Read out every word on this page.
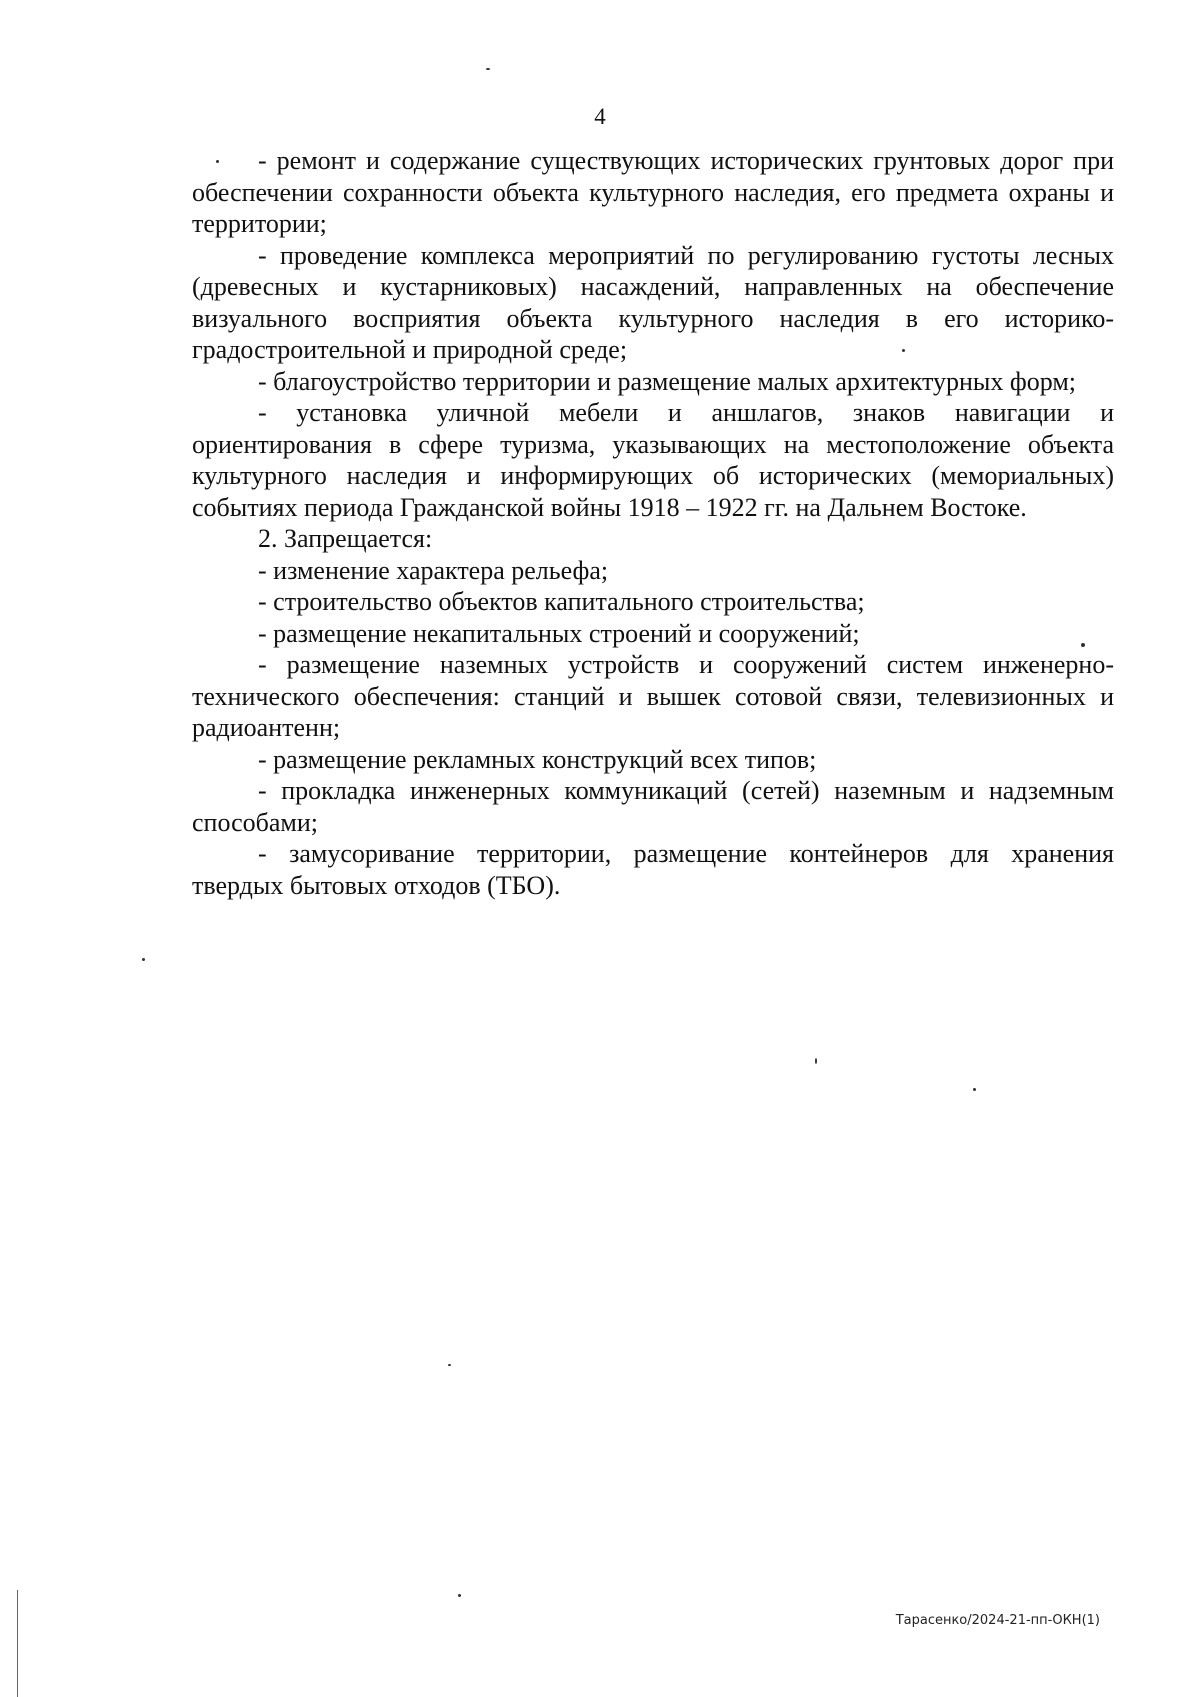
4

- ремонт и содержание существующих исторических грунтовых дорог при обеспечении сохранности объекта культурного наследия, его предмета охраны и территории;

- проведение комплекса мероприятий по регулированию густоты лесных (древесных и кустарниковых) насаждений, направленных на обеспечение визуального восприятия объекта культурного наследия в его историко-градостроительной и природной среде;

- благоустройство территории и размещение малых архитектурных форм;

- установка уличной мебели и аншлагов, знаков навигации и ориентирования в сфере туризма, указывающих на местоположение объекта культурного наследия и информирующих об исторических (мемориальных) событиях периода Гражданской войны 1918 – 1922 гг. на Дальнем Востоке.

2. Запрещается:

- изменение характера рельефа;

- строительство объектов капитального строительства;

- размещение некапитальных строений и сооружений;

- размещение наземных устройств и сооружений систем инженерно-технического обеспечения: станций и вышек сотовой связи, телевизионных и радиоантенн;

- размещение рекламных конструкций всех типов;

- прокладка инженерных коммуникаций (сетей) наземным и надземным способами;

- замусоривание территории, размещение контейнеров для хранения твердых бытовых отходов (ТБО).

Тарасенко/2024-21-пп-ОКН(1)
